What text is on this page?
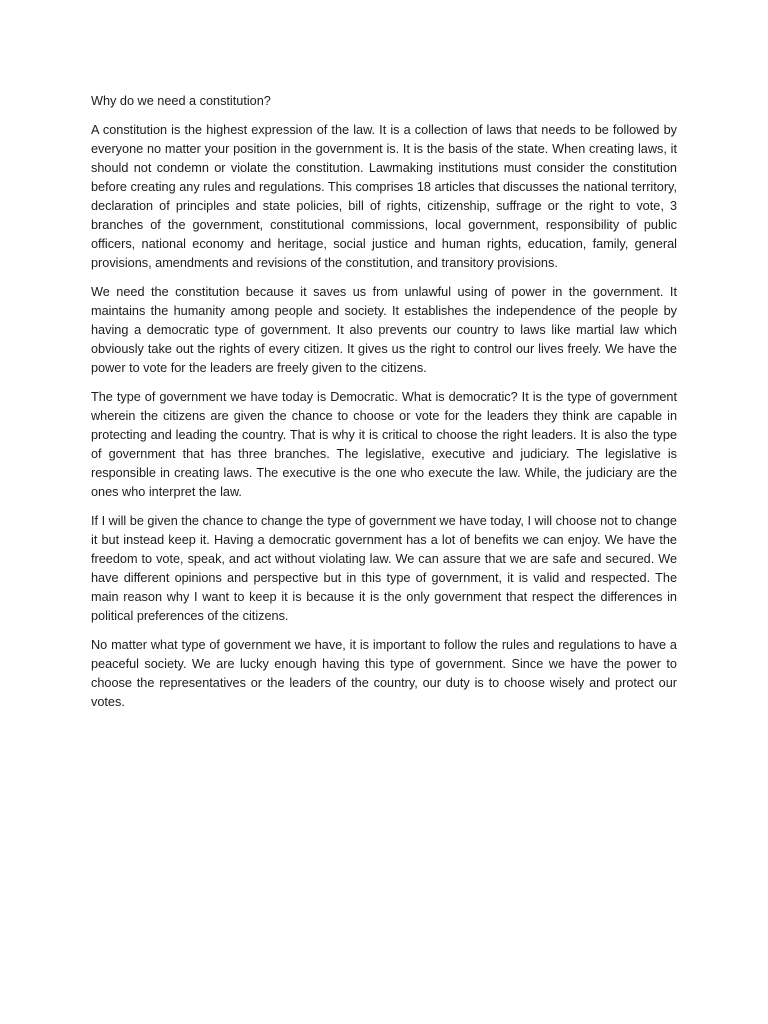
Why do we need a constitution?

A constitution is the highest expression of the law. It is a collection of laws that needs to be followed by everyone no matter your position in the government is. It is the basis of the state. When creating laws, it should not condemn or violate the constitution. Lawmaking institutions must consider the constitution before creating any rules and regulations. This comprises 18 articles that discusses the national territory, declaration of principles and state policies, bill of rights, citizenship, suffrage or the right to vote, 3 branches of the government, constitutional commissions, local government, responsibility of public officers, national economy and heritage, social justice and human rights, education, family, general provisions, amendments and revisions of the constitution, and transitory provisions.

We need the constitution because it saves us from unlawful using of power in the government. It maintains the humanity among people and society. It establishes the independence of the people by having a democratic type of government. It also prevents our country to laws like martial law which obviously take out the rights of every citizen. It gives us the right to control our lives freely. We have the power to vote for the leaders are freely given to the citizens.

The type of government we have today is Democratic. What is democratic? It is the type of government wherein the citizens are given the chance to choose or vote for the leaders they think are capable in protecting and leading the country. That is why it is critical to choose the right leaders. It is also the type of government that has three branches. The legislative, executive and judiciary. The legislative is responsible in creating laws. The executive is the one who execute the law. While, the judiciary are the ones who interpret the law.

If I will be given the chance to change the type of government we have today, I will choose not to change it but instead keep it. Having a democratic government has a lot of benefits we can enjoy. We have the freedom to vote, speak, and act without violating law. We can assure that we are safe and secured. We have different opinions and perspective but in this type of government, it is valid and respected. The main reason why I want to keep it is because it is the only government that respect the differences in political preferences of the citizens.

No matter what type of government we have, it is important to follow the rules and regulations to have a peaceful society. We are lucky enough having this type of government. Since we have the power to choose the representatives or the leaders of the country, our duty is to choose wisely and protect our votes.
